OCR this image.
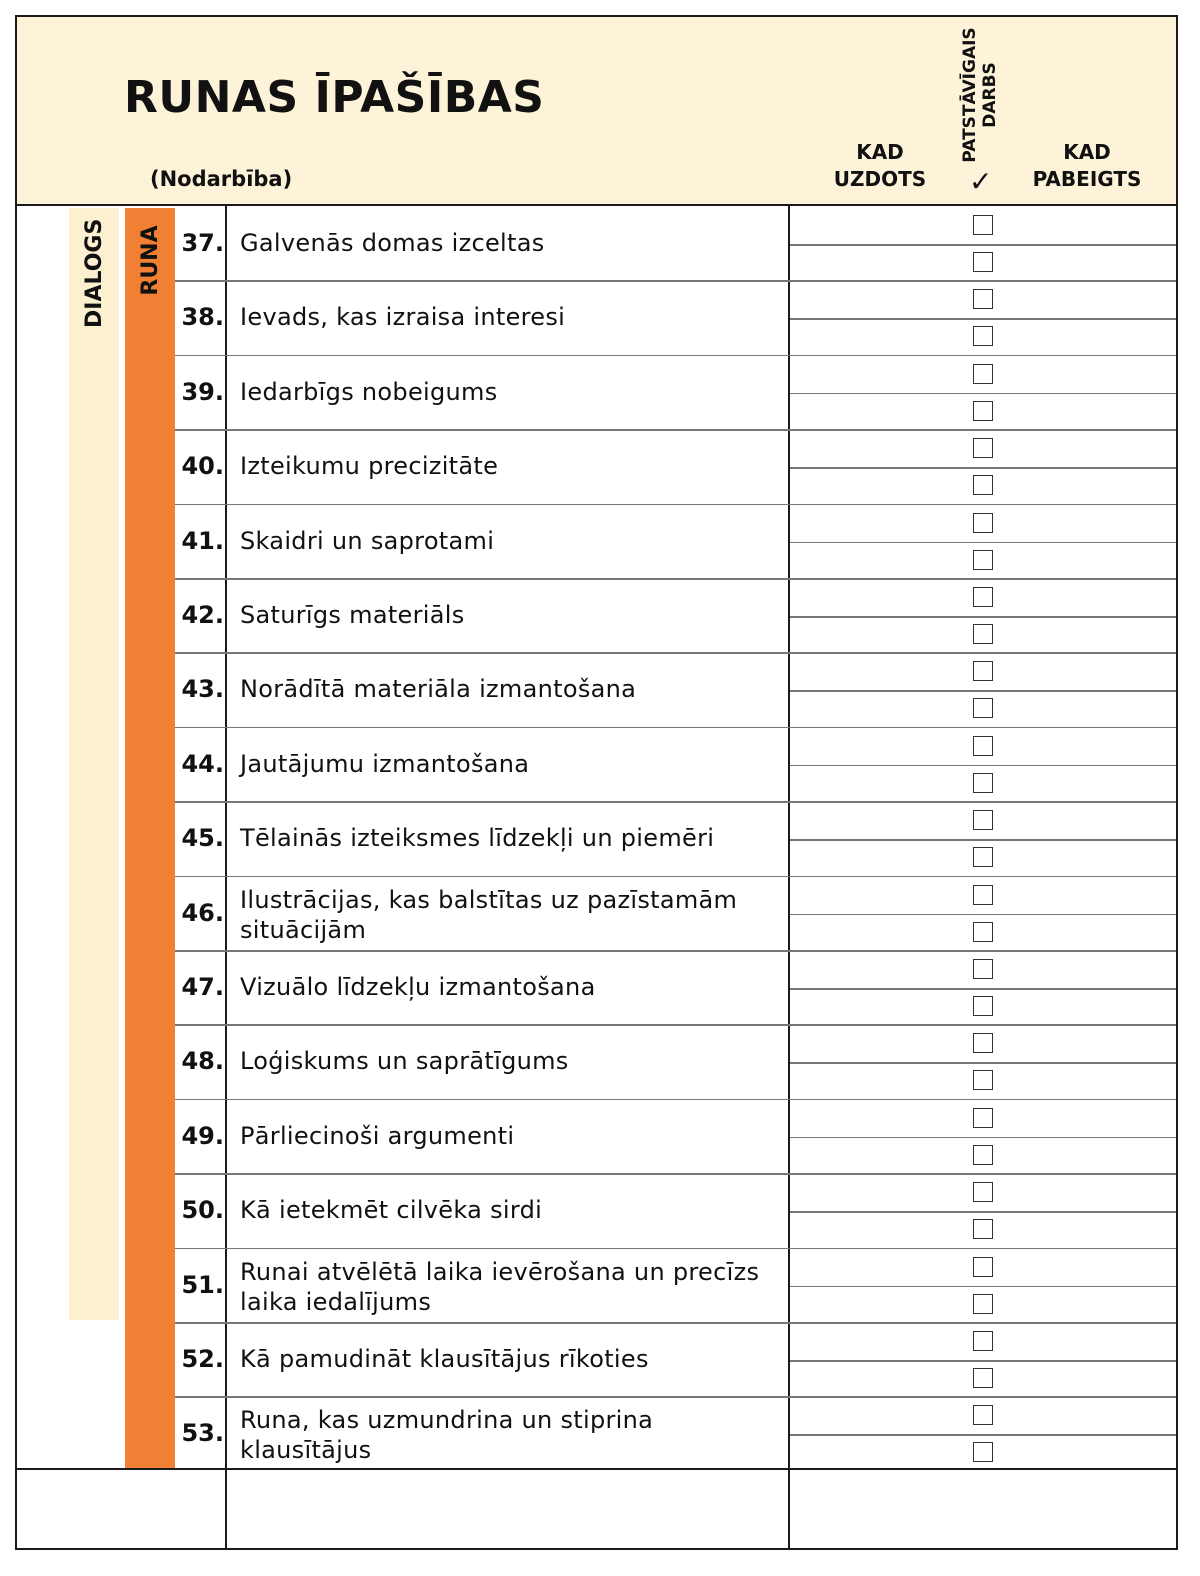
RUNAS ĪPAŠĪBAS
(Nodarbība)
KAD
UZDOTS
PATSTĀVĪGAIS
DARBS
✓
KAD
PABEIGTS
DIALOGS RUNA 37. Galvenās domas izceltas
38. Ievads, kas izraisa interesi
39. Iedarbīgs nobeigums
40. Izteikumu precizitāte
41. Skaidri un saprotami
42. Saturīgs materiāls
43. Norādītā materiāla izmantošana
44. Jautājumu izmantošana
45. Tēlainās izteiksmes līdzekļi un piemēri
46. Ilustrācijas, kas balstītas uz pazīstamām situācijām
47. Vizuālo līdzekļu izmantošana
48. Loģiskums un saprātīgums
49. Pārliecinoši argumenti
50. Kā ietekmēt cilvēka sirdi
51. Runai atvēlētā laika ievērošana un precīzs laika iedalījums
52. Kā pamudināt klausītājus rīkoties
53. Runa, kas uzmundrina un stiprina klausītājus
